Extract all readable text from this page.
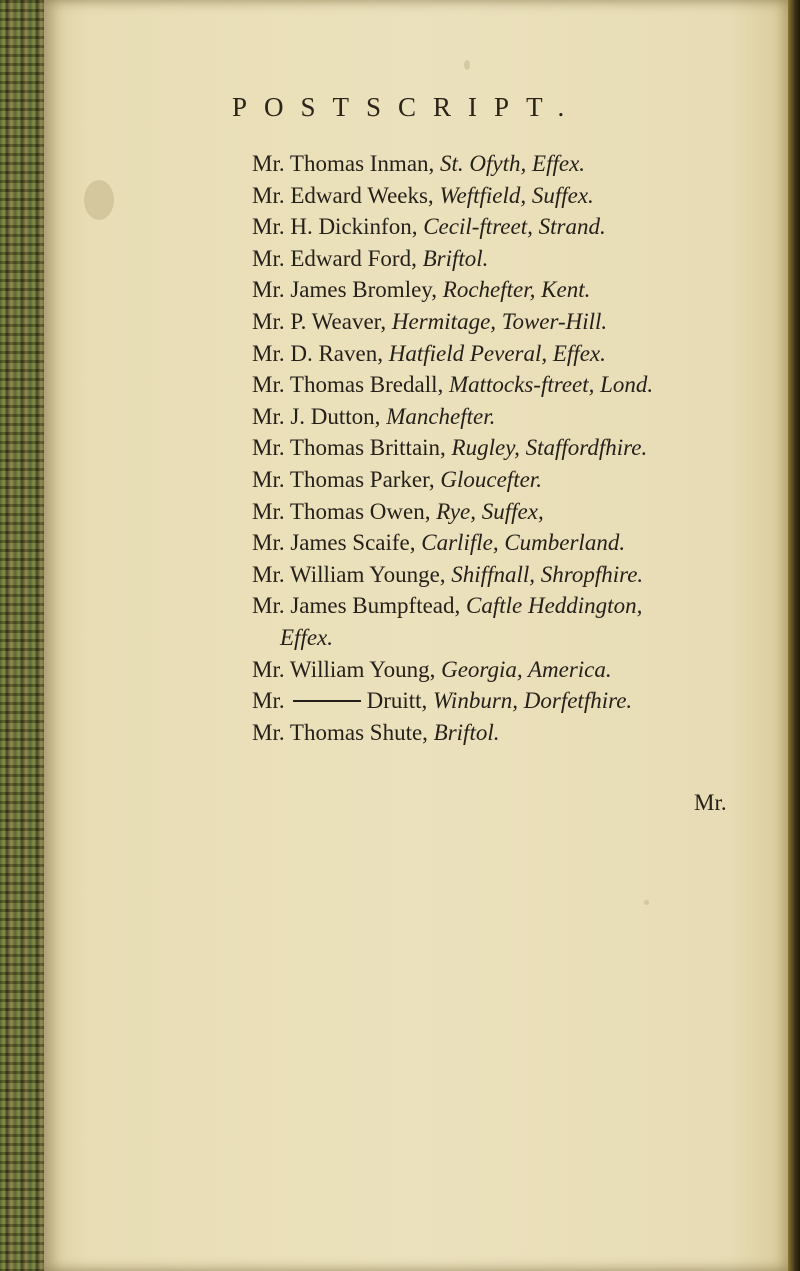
POSTSCRIPT.
Mr. Thomas Inman, St. Ofyth, Effex.
Mr. Edward Weeks, Weftfield, Suffex.
Mr. H. Dickinfon, Cecil-ftreet, Strand.
Mr. Edward Ford, Briftol.
Mr. James Bromley, Rochefter, Kent.
Mr. P. Weaver, Hermitage, Tower-Hill.
Mr. D. Raven, Hatfield Peveral, Effex.
Mr. Thomas Bredall, Mattocks-ftreet, Lond.
Mr. J. Dutton, Manchefter.
Mr. Thomas Brittain, Rugley, Staffordfhire.
Mr. Thomas Parker, Gloucefter.
Mr. Thomas Owen, Rye, Suffex,
Mr. James Scaife, Carlifle, Cumberland.
Mr. William Younge, Shiffnall, Shropfhire.
Mr. James Bumpftead, Caftle Heddington,
Effex.
Mr. William Young, Georgia, America.
Mr.	Druitt, Winburn, Dorfetfhire.
Mr. Thomas Shute, Briftol.
Mr.
